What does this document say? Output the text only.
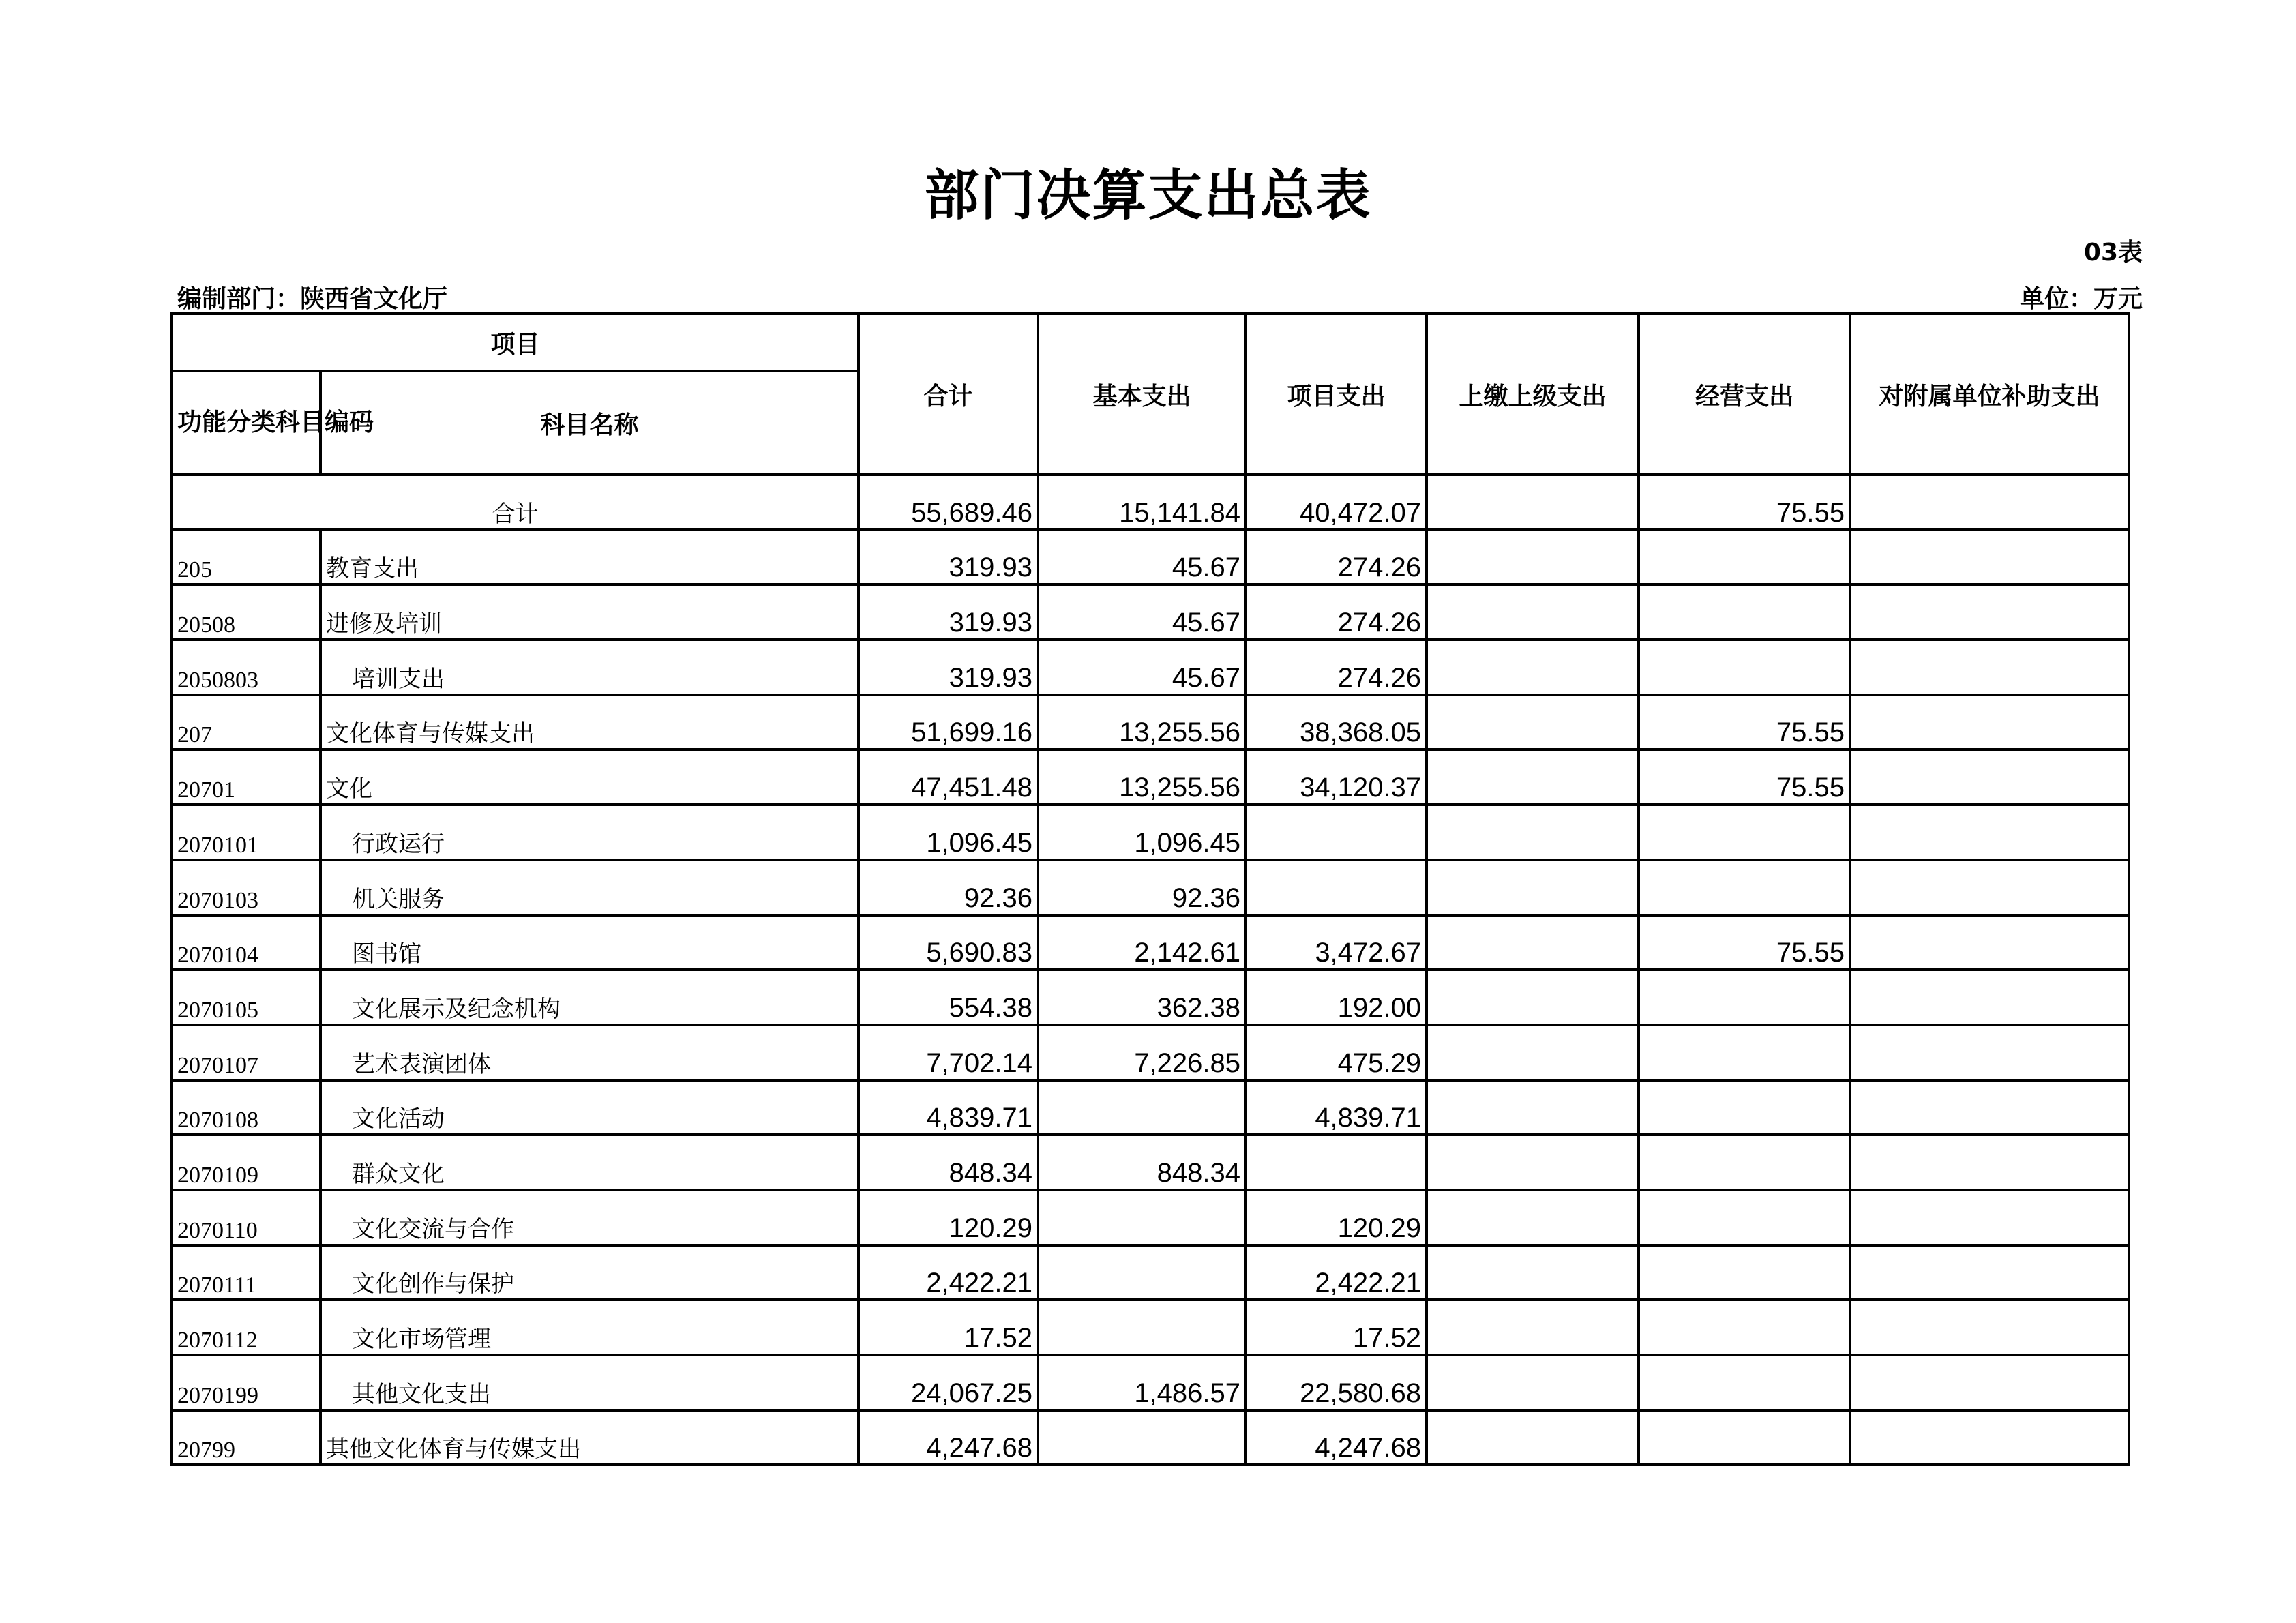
部门决算支出总表
03表
编制部门：陕西省文化厅	单位：万元
项目		合计	基本支出	项目支出	上缴上级支出	经营支出	对附属单位补助支出
功能分类科目编码	科目名称						
合计		55,689.46	15,141.84	40,472.07		75.55	
205	教育支出	319.93	45.67	274.26			
20508	进修及培训	319.93	45.67	274.26			
2050803	培训支出	319.93	45.67	274.26			
207	文化体育与传媒支出	51,699.16	13,255.56	38,368.05		75.55	
20701	文化	47,451.48	13,255.56	34,120.37		75.55	
2070101	行政运行	1,096.45	1,096.45				
2070103	机关服务	92.36	92.36				
2070104	图书馆	5,690.83	2,142.61	3,472.67		75.55	
2070105	文化展示及纪念机构	554.38	362.38	192.00			
2070107	艺术表演团体	7,702.14	7,226.85	475.29			
2070108	文化活动	4,839.71		4,839.71			
2070109	群众文化	848.34	848.34				
2070110	文化交流与合作	120.29		120.29			
2070111	文化创作与保护	2,422.21		2,422.21			
2070112	文化市场管理	17.52		17.52			
2070199	其他文化支出	24,067.25	1,486.57	22,580.68			
20799	其他文化体育与传媒支出	4,247.68		4,247.68			
